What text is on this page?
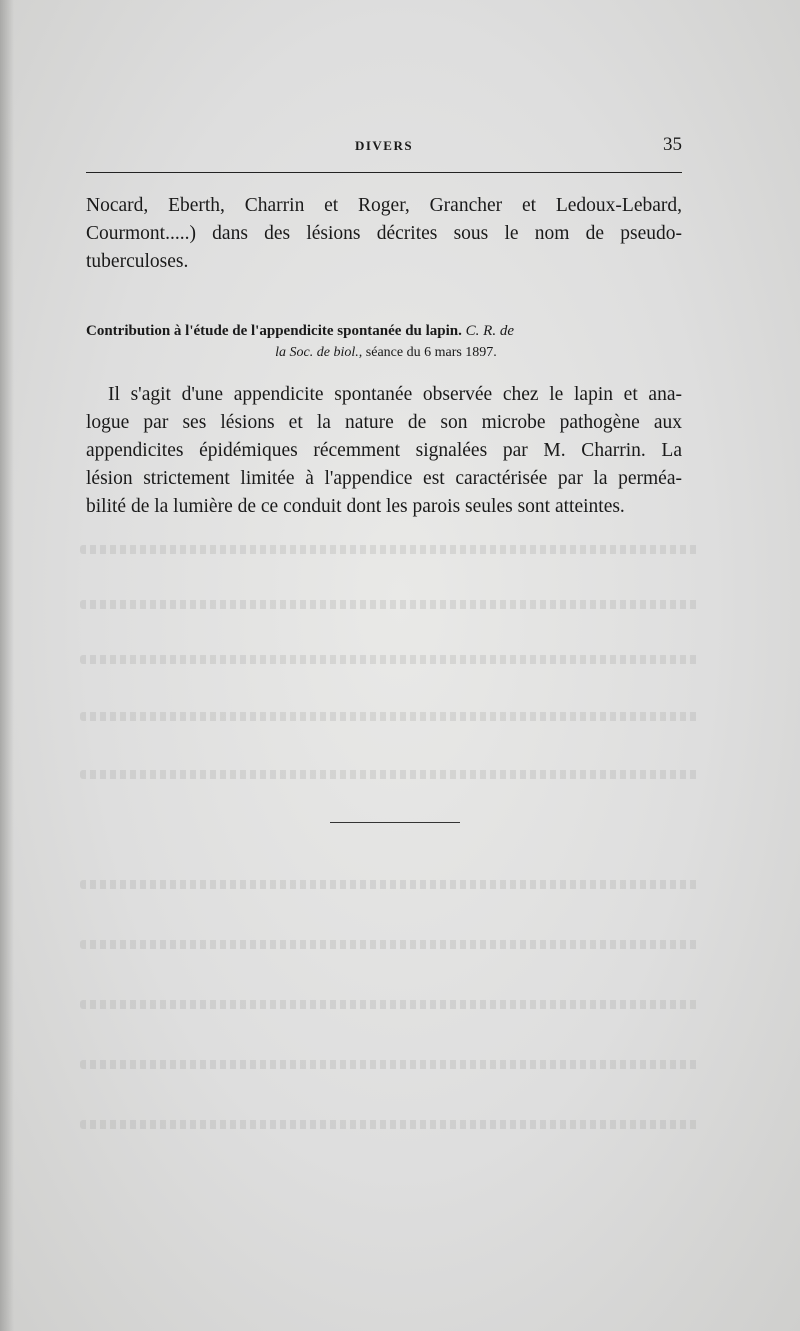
DIVERS	35
Nocard, Eberth, Charrin et Roger, Grancher et Ledoux-Lebard,
Courmont.....) dans des lésions décrites sous le nom de pseudo-
tuberculoses.
Contribution à l'étude de l'appendicite spontanée du lapin. C. R. de
la Soc. de biol., séance du 6 mars 1897.
Il s'agit d'une appendicite spontanée observée chez le lapin et ana-
logue par ses lésions et la nature de son microbe pathogène aux
appendicites épidémiques récemment signalées par M. Charrin. La
lésion strictement limitée à l'appendice est caractérisée par la perméa-
bilité de la lumière de ce conduit dont les parois seules sont atteintes.
